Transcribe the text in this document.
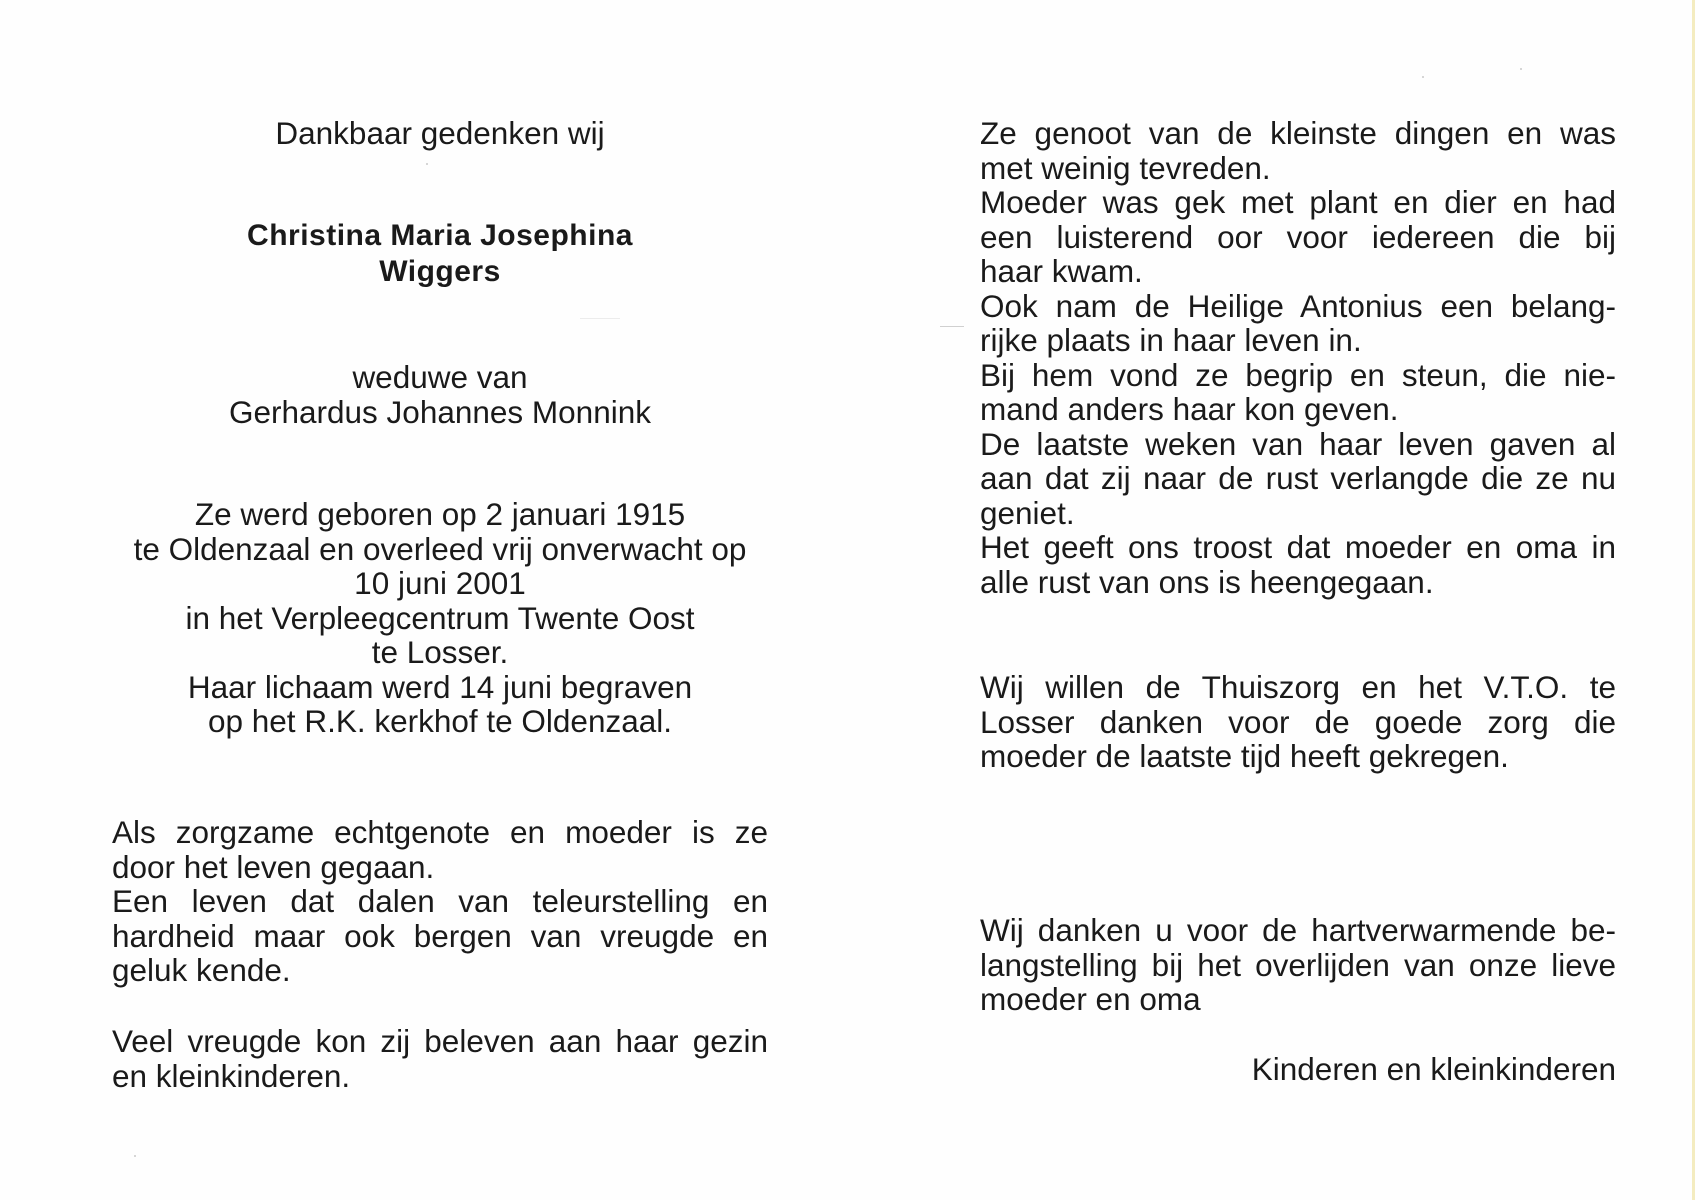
Dankbaar gedenken wij
Christina Maria Josephina
Wiggers
weduwe van
Gerhardus Johannes Monnink
Ze werd geboren op 2 januari 1915
te Oldenzaal en overleed vrij onverwacht op
10 juni 2001
in het Verpleegcentrum Twente Oost
te Losser.
Haar lichaam werd 14 juni begraven
op het R.K. kerkhof te Oldenzaal.
Als zorgzame echtgenote en moeder is ze
door het leven gegaan.
Een leven dat dalen van teleurstelling en
hardheid maar ook bergen van vreugde en
geluk kende.
Veel vreugde kon zij beleven aan haar gezin
en kleinkinderen.
Ze genoot van de kleinste dingen en was
met weinig tevreden.
Moeder was gek met plant en dier en had
een luisterend oor voor iedereen die bij
haar kwam.
Ook nam de Heilige Antonius een belang-
rijke plaats in haar leven in.
Bij hem vond ze begrip en steun, die nie-
mand anders haar kon geven.
De laatste weken van haar leven gaven al
aan dat zij naar de rust verlangde die ze nu
geniet.
Het geeft ons troost dat moeder en oma in
alle rust van ons is heengegaan.
Wij willen de Thuiszorg en het V.T.O. te
Losser danken voor de goede zorg die
moeder de laatste tijd heeft gekregen.
Wij danken u voor de hartverwarmende be-
langstelling bij het overlijden van onze lieve
moeder en oma
Kinderen en kleinkinderen
